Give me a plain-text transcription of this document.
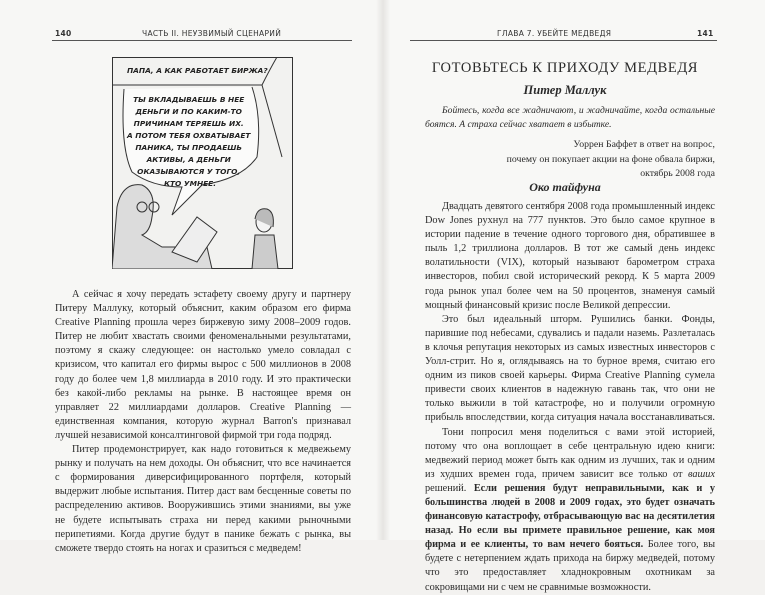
140	ЧАСТЬ II. НЕУЗВИМЫЙ СЦЕНАРИЙ
ПАПА, А КАК РАБОТАЕТ БИРЖА?
ТЫ ВКЛАДЫВАЕШЬ В НЕЕ ДЕНЬГИ И ПО КАКИМ-ТО ПРИЧИНАМ ТЕРЯЕШЬ ИХ. А ПОТОМ ТЕБЯ ОХВАТЫВАЕТ ПАНИКА, ТЫ ПРОДАЕШЬ АКТИВЫ, А ДЕНЬГИ ОКАЗЫВАЮТСЯ У ТОГО, КТО УМНЕЕ.

А сейчас я хочу передать эстафету своему другу и партнеру Питеру Маллуку, который объяснит, каким образом его фирма Creative Planning прошла через биржевую зиму 2008–2009 годов. Питер не любит хвастать своими феноменальными результатами, поэтому я скажу следующее: он настолько умело совладал с кризисом, что капитал его фирмы вырос с 500 миллионов в 2008 году до более чем 1,8 миллиарда в 2010 году. И это практически без какой-либо рекламы на рынке. В настоящее время он управляет 22 миллиардами долларов. Creative Planning — единственная компания, которую журнал Barron's признавал лучшей независимой консалтинговой фирмой три года подряд.

Питер продемонстрирует, как надо готовиться к медвежьему рынку и получать на нем доходы. Он объяснит, что все начинается с формирования диверсифицированного портфеля, который выдержит любые испытания. Питер даст вам бесценные советы по распределению активов. Вооружившись этими знаниями, вы уже не будете испытывать страха ни перед какими рыночными перипетиями. Когда другие будут в панике бежать с рынка, вы сможете твердо стоять на ногах и сразиться с медведем!

ГЛАВА 7. УБЕЙТЕ МЕДВЕДЯ	141
ГОТОВЬТЕСЬ К ПРИХОДУ МЕДВЕДЯ
Питер Маллук
Бойтесь, когда все жадничают, и жадничайте, когда остальные боятся. А страха сейчас хватает в избытке.
Уоррен Баффет в ответ на вопрос,
почему он покупает акции на фоне обвала биржи,
октябрь 2008 года
Око тайфуна

Двадцать девятого сентября 2008 года промышленный индекс Dow Jones рухнул на 777 пунктов. Это было самое крупное в истории падение в течение одного торгового дня, обратившее в пыль 1,2 триллиона долларов. В тот же самый день индекс волатильности (VIX), который называют барометром страха инвесторов, побил свой исторический рекорд. К 5 марта 2009 года рынок упал более чем на 50 процентов, знаменуя самый мощный финансовый кризис после Великой депрессии.

Это был идеальный шторм. Рушились банки. Фонды, парившие под небесами, сдувались и падали наземь. Разлеталась в клочья репутация некоторых из самых известных инвесторов с Уолл-стрит. Но я, оглядываясь на то бурное время, считаю его одним из пиков своей карьеры. Фирма Creative Planning сумела привести своих клиентов в надежную гавань так, что они не только выжили в той катастрофе, но и получили огромную прибыль впоследствии, когда ситуация начала восстанавливаться.

Тони попросил меня поделиться с вами этой историей, потому что она воплощает в себе центральную идею книги: медвежий период может быть как одним из лучших, так и одним из худших времен года, причем зависит все только от ваших решений. Если решения будут неправильными, как и у большинства людей в 2008 и 2009 годах, это будет означать финансовую катастрофу, отбрасывающую вас на десятилетия назад. Но если вы примете правильное решение, как моя фирма и ее клиенты, то вам нечего бояться. Более того, вы будете с нетерпением ждать прихода на биржу медведей, потому что это предоставляет хладнокровным охотникам за сокровищами ни с чем не сравнимые возможности.
